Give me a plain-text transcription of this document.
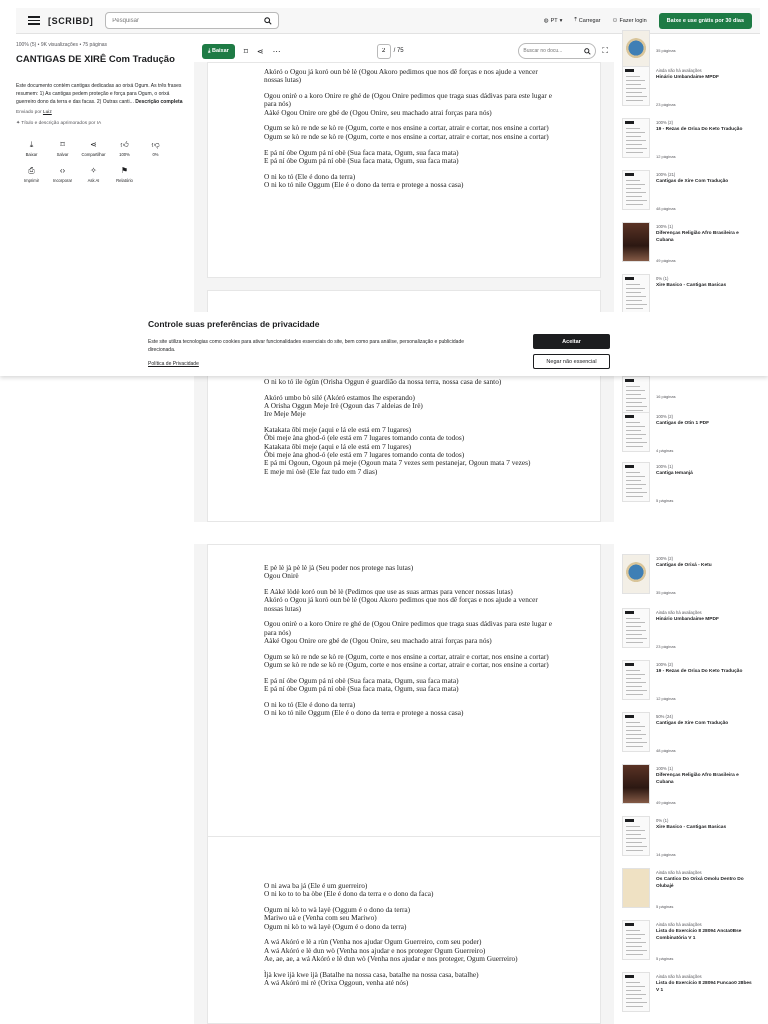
[SCRIBD]
Pesquisar	◍ PT ▾ ⤒ Carregar ⚇ Fazer login	Baixe e use grátis por 30 dias
100% (5) • 9K visualizações • 75 páginas
CANTIGAS DE XIRÊ Com Tradução
Este documento contém cantigas dedicadas ao orixá Ogum. As três frases resumem: 1) As cantigas pedem proteção e força para Ogum, o orixá guerreiro dono da terra e das facas. 2) Outras canti... Descrição completa
Enviado por Luiz
✦ Título e descrição aprimorados por IA
⤓
Baixar
⌑
Salvar
⋖
Compartilhar
👍︎
100%
👎︎
0%
⎙
Imprimir
‹›
Incorporar
✧
Ask AI
⚑
Relatório
⤓ Baixar	⌑ ⋖ ⋯
2	/ 75
Buscar no docu...	⛶

Akóró o Ogou já koró oun bè lè (Ogou Akoro pedimos que nos dê forças e nos ajude a vencer nossas lutas)

Ogou onirè o a koro Onire re ghé de (Ogou Onire pedimos que traga suas dádivas para este lugar e para nós)
Aàké Ogou Onire ore gbé de (Ogou Onire, seu machado atrai forças para nós)

Ogum se kò re nde se kò re (Ogum, corte e nos ensine a cortar, atrair e cortar, nos ensine a cortar)
Ogum se kò re nde se kò re (Ogum, corte e nos ensine a cortar, atrair e cortar, nos ensine a cortar)

E pá ní óbe Ogum pá ní obè (Sua faca mata, Ogum, sua faca mata)
E pá ní óbe Ogum pá ní obè (Sua faca mata, Ogum, sua faca mata)

O ni ko tó (Ele é dono da terra)
O ni ko tó nile Oggum (Ele é o dono da terra e protege a nossa casa)

35 páginas
Ainda não há avaliações
Hinário Umbandaime MPDF
23 páginas
100% (2)
19 - Rezas de Orixa Do Keto Tradução
12 páginas
100% (21)
Cantigas de Xire Com Tradução
48 páginas
100% (1)
Diferenças Religião Afro Brasileira e Cubana
49 páginas
0% (1)
Xire Basico - Cantigas Basicas

O ni ko tó ile ògùn (Orisha Oggun é guardião da nossa terra, nossa casa de santo)

Akóró umbo bò silé (Akóró estamos lhe esperando)
A Orisha Oggun Meje Irè (Ogoun das 7 aldeias de Irè)
Ire Meje Meje

Katakata ôbi meje (aqui e lá ele está em 7 lugares)
Ôbi meje àna ghod-ó (ele está em 7 lugares tomando conta de todos)
Katakata ôbi meje (aqui e lá ele está em 7 lugares)
Ôbi meje àna ghod-ó (ele está em 7 lugares tomando conta de todos)
E pá mi Ogoun, Ogoun pá meje (Ogoun mata 7 vezes sem pestanejar, Ogoun mata 7 vezes)
E meje mi òsè (Ele faz tudo em 7 dias)

16 páginas
100% (2)
Cantigas de Otin 1 PDF
4 páginas
100% (1)
Cantiga Iemanjá
5 páginas
Controle suas preferências de privacidade
Este site utiliza tecnologias como cookies para ativar funcionalidades essenciais do site, bem como para análise, personalização e publicidade direcionada.
Política de Privacidade
Aceitar
Negar não essencial

E pè lè jà pè lè jà (Seu poder nos protege nas lutas)
Ogou Onirè

E Aàké lòdè koró oun bè lè (Pedimos que use as suas armas para vencer nossas lutas)
Akóró o Ogou já koró oun bè lè (Ogou Akoro pedimos que nos dê forças e nos ajude a vencer nossas lutas)

Ogou onirè o a koro Onire re ghé de (Ogou Onire pedimos que traga suas dádivas para este lugar e para nós)
Aàké Ogou Onire ore gbé de (Ogou Onire, seu machado atrai forças para nós)

Ogum se kò re nde se kò re (Ogum, corte e nos ensine a cortar, atrair e cortar, nos ensine a cortar)
Ogum se kò re nde se kò re (Ogum, corte e nos ensine a cortar, atrair e cortar, nos ensine a cortar)

E pá ní óbe Ogum pá ní obè (Sua faca mata, Ogum, sua faca mata)
E pá ní óbe Ogum pá ní obè (Sua faca mata, Ogum, sua faca mata)

O ni ko tó (Ele é dono da terra)
O ni ko tó nile Oggum (Ele é o dono da terra e protege a nossa casa)

O ni awa ba já (Ele é um guerreiro)
O ni ko to to ba òbe (Ele é dono da terra e o dono da faca)

Ogum ni kò to wà layè (Oggum é o dono da terra)
Mariwo uà e (Venha com seu Mariwo)
Ogum ni kò to wà layè (Ogum é o dono da terra)

A wá Akóró e lè a rùn (Venha nos ajudar Ogum Guerreiro, com seu poder)
A wá Akóró e lè dun wò (Venha nos ajudar e nos proteger Ogum Guerreiro)
Ae, ae, ae, a wá Akóró e lè dun wò (Venha nos ajudar e nos proteger, Ogum Guerreiro)

Ìjà kwe ìjà kwe ìjà (Batalhe na nossa casa, batalhe na nossa casa, batalhe)
A wá Akóró mi rè (Orixa Oggoun, venha até nós)

100% (2)
Cantigas de Orixá - Ketu
35 páginas
Ainda não há avaliações
Hinário Umbandaime MPDF
23 páginas
100% (2)
19 - Rezas de Orixa Do Keto Tradução
12 páginas
50% (24)
Cantigas de Xire Com Tradução
48 páginas
100% (1)
Diferenças Religião Afro Brasileira e Cubana
49 páginas
0% (1)
Xire Basico - Cantigas Basicas
14 páginas
Ainda não há avaliações
Os Cantico Do Orixá Omolu Dentro Do Olubajé
5 páginas
Ainda não há avaliações
Lista do Exercício 8 28094 AncIa0Bse Combinatória V 1
5 páginas
Ainda não há avaliações
Lista do Exercício 8 28094 Funcao0 28bes V 1
